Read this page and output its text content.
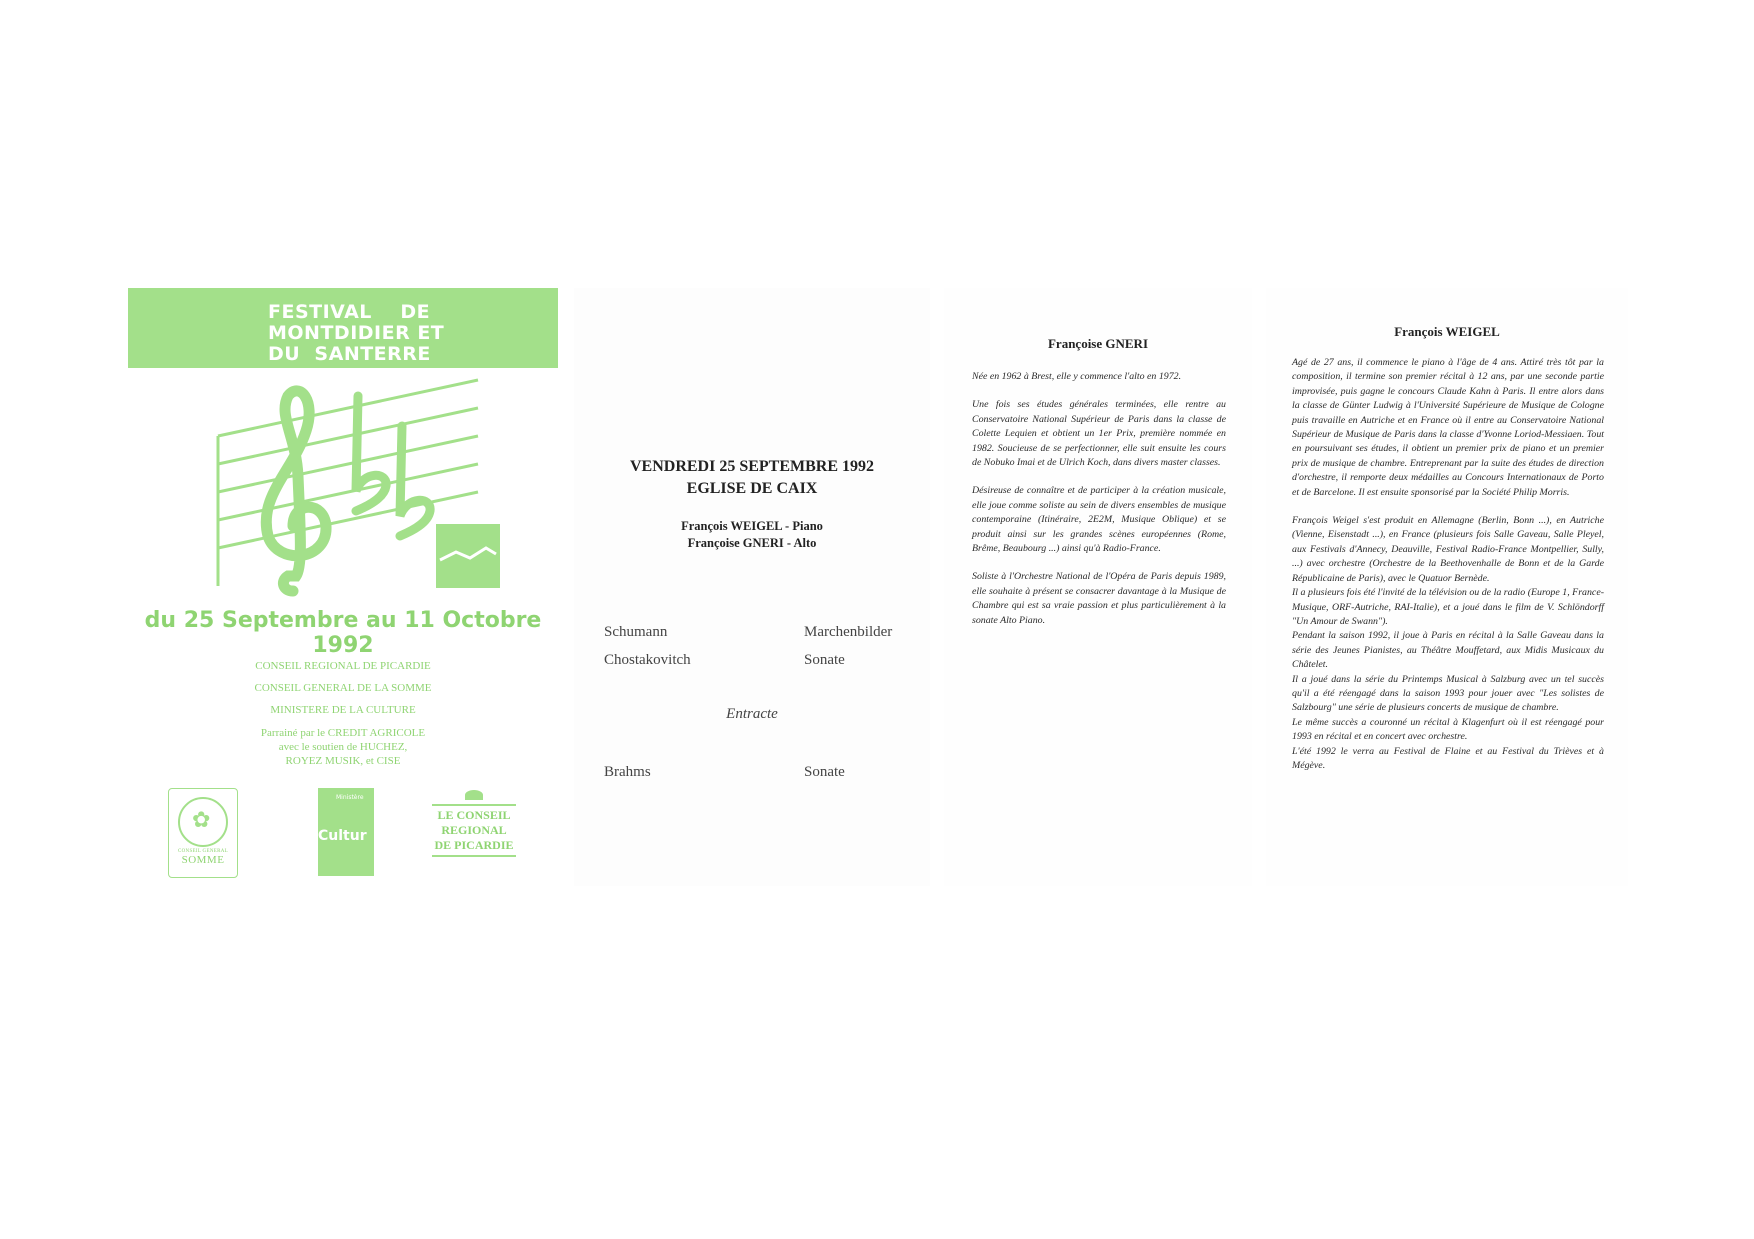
FESTIVAL    DE
MONTDIDIER ET
DU  SANTERRE
du 25 Septembre au 11 Octobre 1992
CONSEIL REGIONAL DE PICARDIE
CONSEIL GENERAL DE LA SOMME
MINISTERE DE LA CULTURE
Parrainé par le CREDIT AGRICOLE
avec le soutien de HUCHEZ,
ROYEZ MUSIK, et CISE
✿
CONSEIL GENERAL
SOMME
Ministère
Cultur
LE CONSEIL
REGIONAL
DE PICARDIE
VENDREDI 25 SEPTEMBRE 1992
EGLISE DE CAIX
François WEIGEL - Piano
Françoise GNERI - Alto
Schumann	Marchenbilder
Chostakovitch	Sonate
Entracte
Brahms	Sonate
Françoise GNERI

Née en 1962 à Brest, elle y commence l'alto en 1972.

Une fois ses études générales terminées, elle rentre au Conservatoire National Supérieur de Paris dans la classe de Colette Lequien et obtient un 1er Prix, première nommée en 1982. Soucieuse de se perfectionner, elle suit ensuite les cours de Nobuko Imai et de Ulrich Koch, dans divers master classes.

Désireuse de connaître et de participer à la création musicale, elle joue comme soliste au sein de divers ensembles de musique contemporaine (Itinéraire, 2E2M, Musique Oblique) et se produit ainsi sur les grandes scènes européennes (Rome, Brême, Beaubourg ...) ainsi qu'à Radio-France.

Soliste à l'Orchestre National de l'Opéra de Paris depuis 1989, elle souhaite à présent se consacrer davantage à la Musique de Chambre qui est sa vraie passion et plus particulièrement à la sonate Alto Piano.

François WEIGEL

Agé de 27 ans, il commence le piano à l'âge de 4 ans. Attiré très tôt par la composition, il termine son premier récital à 12 ans, par une seconde partie improvisée, puis gagne le concours Claude Kahn à Paris. Il entre alors dans la classe de Günter Ludwig à l'Université Supérieure de Musique de Cologne puis travaille en Autriche et en France où il entre au Conservatoire National Supérieur de Musique de Paris dans la classe d'Yvonne Loriod-Messiaen. Tout en poursuivant ses études, il obtient un premier prix de piano et un premier prix de musique de chambre. Entreprenant par la suite des études de direction d'orchestre, il remporte deux médailles au Concours Internationaux de Porto et de Barcelone. Il est ensuite sponsorisé par la Société Philip Morris.

François Weigel s'est produit en Allemagne (Berlin, Bonn ...), en Autriche (Vienne, Eisenstadt ...), en France (plusieurs fois Salle Gaveau, Salle Pleyel, aux Festivals d'Annecy, Deauville, Festival Radio-France Montpellier, Sully, ...) avec orchestre (Orchestre de la Beethovenhalle de Bonn et de la Garde Républicaine de Paris), avec le Quatuor Bernède.

Il a plusieurs fois été l'invité de la télévision ou de la radio (Europe 1, France-Musique, ORF-Autriche, RAI-Italie), et a joué dans le film de V. Schlöndorff "Un Amour de Swann").

Pendant la saison 1992, il joue à Paris en récital à la Salle Gaveau dans la série des Jeunes Pianistes, au Théâtre Mouffetard, aux Midis Musicaux du Châtelet.

Il a joué dans la série du Printemps Musical à Salzburg avec un tel succès qu'il a été réengagé dans la saison 1993 pour jouer avec "Les solistes de Salzbourg" une série de plusieurs concerts de musique de chambre.

Le même succès a couronné un récital à Klagenfurt où il est réengagé pour 1993 en récital et en concert avec orchestre.

L'été 1992 le verra au Festival de Flaine et au Festival du Trièves et à Mégève.
